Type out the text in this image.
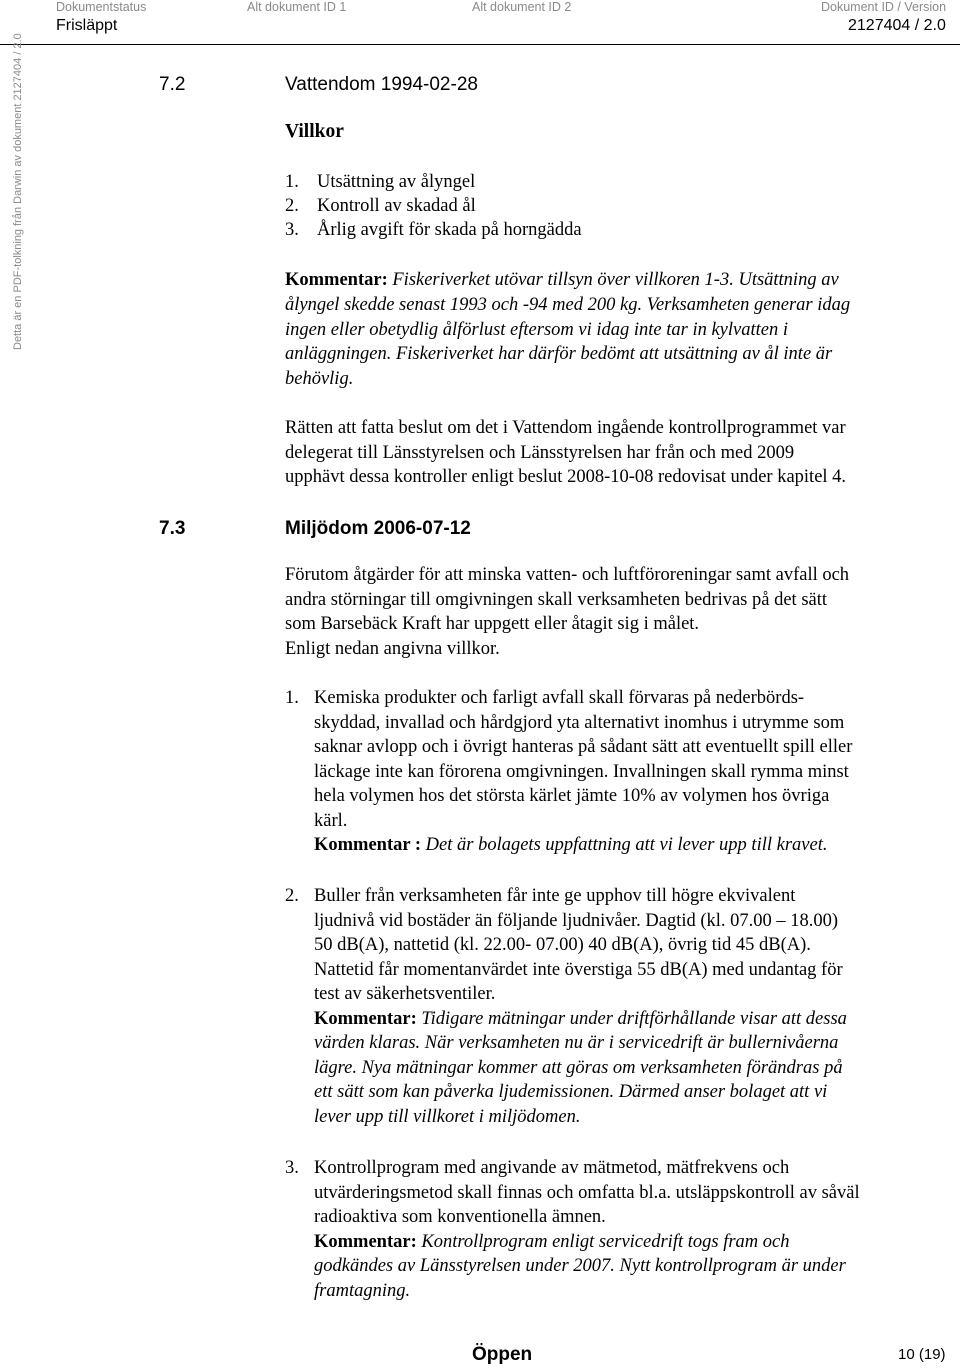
Dokumentstatus	Alt dokument ID 1	Alt dokument ID 2	Dokument ID / Version
Frisläppt	2127404 / 2.0
Detta är en PDF-tolkning från Darwin av dokument 2127404 / 2.0	7.2	Vattendom 1994-02-28
Villkor
1. Utsättning av ålyngel
2. Kontroll av skadad ål
3. Årlig avgift för skada på horngädda
Kommentar: Fiskeriverket utövar tillsyn över villkoren 1-3. Utsättning av
ålyngel skedde senast 1993 och -94 med 200 kg. Verksamheten generar idag
ingen eller obetydlig ålförlust eftersom vi idag inte tar in kylvatten i
anläggningen. Fiskeriverket har därför bedömt att utsättning av ål inte är
behövlig.
Rätten att fatta beslut om det i Vattendom ingående kontrollprogrammet var
delegerat till Länsstyrelsen och Länsstyrelsen har från och med 2009
upphävt dessa kontroller enligt beslut 2008-10-08 redovisat under kapitel 4.
7.3	Miljödom 2006-07-12
Förutom åtgärder för att minska vatten- och luftföroreningar samt avfall och
andra störningar till omgivningen skall verksamheten bedrivas på det sätt
som Barsebäck Kraft har uppgett eller åtagit sig i målet.
Enligt nedan angivna villkor.
1. Kemiska produkter och farligt avfall skall förvaras på nederbörds-
skyddad, invallad och hårdgjord yta alternativt inomhus i utrymme som
saknar avlopp och i övrigt hanteras på sådant sätt att eventuellt spill eller
läckage inte kan förorena omgivningen. Invallningen skall rymma minst
hela volymen hos det största kärlet jämte 10% av volymen hos övriga
kärl.
Kommentar : Det är bolagets uppfattning att vi lever upp till kravet.
2. Buller från verksamheten får inte ge upphov till högre ekvivalent
ljudnivå vid bostäder än följande ljudnivåer. Dagtid (kl. 07.00 – 18.00)
50 dB(A), nattetid (kl. 22.00- 07.00) 40 dB(A), övrig tid 45 dB(A).
Nattetid får momentanvärdet inte överstiga 55 dB(A) med undantag för
test av säkerhetsventiler.
Kommentar: Tidigare mätningar under driftförhållande visar att dessa
värden klaras. När verksamheten nu är i servicedrift är bullernivåerna
lägre. Nya mätningar kommer att göras om verksamheten förändras på
ett sätt som kan påverka ljudemissionen. Därmed anser bolaget att vi
lever upp till villkoret i miljödomen.
3. Kontrollprogram med angivande av mätmetod, mätfrekvens och
utvärderingsmetod skall finnas och omfatta bl.a. utsläppskontroll av såväl
radioaktiva som konventionella ämnen.
Kommentar: Kontrollprogram enligt servicedrift togs fram och
godkändes av Länsstyrelsen under 2007. Nytt kontrollprogram är under
framtagning.
Öppen	10 (19)
